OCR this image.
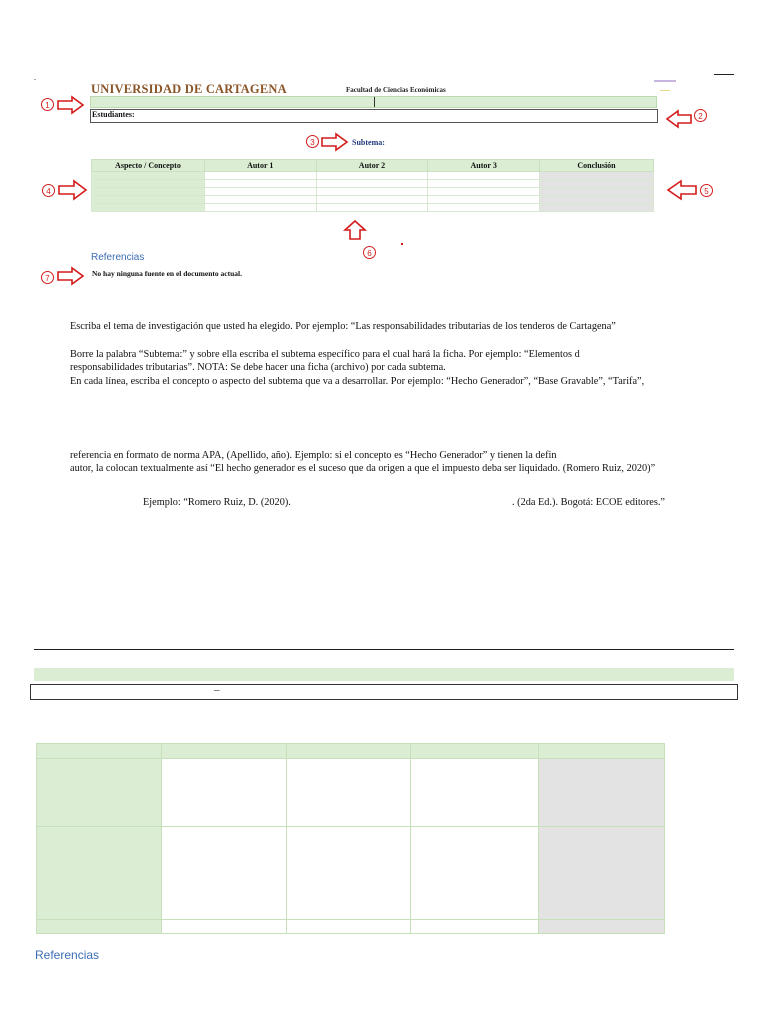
.
UNIVERSIDAD DE CARTAGENA	Facultad de Ciencias Económicas
Estudiantes:
Subtema:
Aspecto / Concepto	Autor 1	Autor 2	Autor 3	Conclusión

Referencias
No hay ninguna fuente en el documento actual.
1
2
3
4	5
6
7
Escriba el tema de investigación que usted ha elegido. Por ejemplo: “Las responsabilidades tributarias de los tenderos de Cartagena”
Borre la palabra “Subtema:” y sobre ella escriba el subtema específico para el cual hará la ficha. Por ejemplo: “Elementos d
responsabilidades tributarias”. NOTA: Se debe hacer una ficha (archivo) por cada subtema.
En cada línea, escriba el concepto o aspecto del subtema que va a desarrollar. Por ejemplo: “Hecho Generador”, “Base Gravable”, “Tarifa”,
referencia en formato de norma APA, (Apellido, año). Ejemplo: si el concepto es “Hecho Generador” y tienen la defin
autor, la colocan textualmente así “El hecho generador es el suceso que da origen a que el impuesto deba ser liquidado. (Romero Ruiz, 2020)”
Ejemplo: “Romero Ruiz, D. (2020).	. (2da Ed.). Bogotá: ECOE editores.”
–

Referencias
